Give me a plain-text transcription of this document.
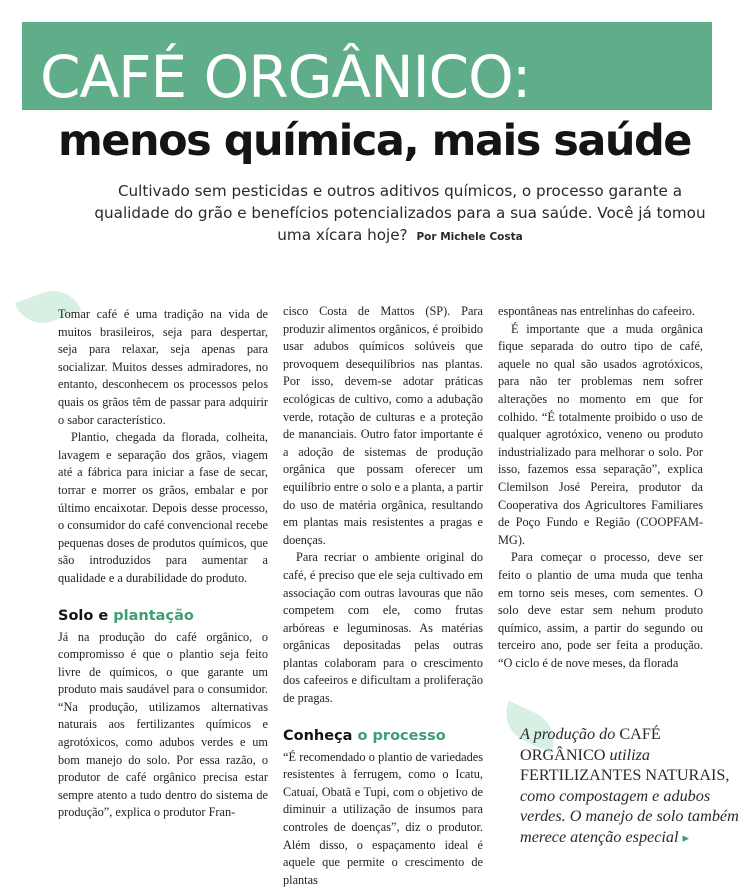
CAFÉ ORGÂNICO:
menos química, mais saúde
Cultivado sem pesticidas e outros aditivos químicos, o processo garante a qualidade do grão e benefícios potencializados para a sua saúde. Você já tomou uma xícara hoje? Por Michele Costa

Tomar café é uma tradição na vida de muitos brasileiros, seja para despertar, seja para relaxar, seja apenas para socializar. Muitos desses admiradores, no entanto, desconhecem os processos pelos quais os grãos têm de passar para adquirir o sabor característico.

Plantio, chegada da florada, colheita, lavagem e separação dos grãos, viagem até a fábrica para iniciar a fase de secar, torrar e morrer os grãos, embalar e por último encaixotar. Depois desse processo, o consumidor do café convencional recebe pequenas doses de produtos químicos, que são introduzidos para aumentar a qualidade e a durabilidade do produto.

Solo e plantação

Já na produção do café orgânico, o compromisso é que o plantio seja feito livre de químicos, o que garante um produto mais saudável para o consumidor. “Na produção, utilizamos alternativas naturais aos fertilizantes químicos e agrotóxicos, como adubos verdes e um bom manejo do solo. Por essa razão, o produtor de café orgânico precisa estar sempre atento a tudo dentro do sistema de produção”, explica o produtor Fran-

cisco Costa de Mattos (SP). Para produzir alimentos orgânicos, é proibido usar adubos químicos solúveis que provoquem desequilíbrios nas plantas. Por isso, devem-se adotar práticas ecológicas de cultivo, como a adubação verde, rotação de culturas e a proteção de mananciais. Outro fator importante é a adoção de sistemas de produção orgânica que possam oferecer um equilíbrio entre o solo e a planta, a partir do uso de matéria orgânica, resultando em plantas mais resistentes a pragas e doenças.

Para recriar o ambiente original do café, é preciso que ele seja cultivado em associação com outras lavouras que não competem com ele, como frutas arbóreas e leguminosas. As matérias orgânicas depositadas pelas outras plantas colaboram para o crescimento dos cafeeiros e dificultam a proliferação de pragas.

Conheça o processo

“É recomendado o plantio de variedades resistentes à ferrugem, como o Icatu, Catuaí, Obatã e Tupi, com o objetivo de diminuir a utilização de insumos para controles de doenças”, diz o produtor. Além disso, o espaçamento ideal é aquele que permite o crescimento de plantas

espontâneas nas entrelinhas do cafeeiro.

É importante que a muda orgânica fique separada do outro tipo de café, aquele no qual são usados agrotóxicos, para não ter problemas nem sofrer alterações no momento em que for colhido. “É totalmente proibido o uso de qualquer agrotóxico, veneno ou produto industrializado para melhorar o solo. Por isso, fazemos essa separação”, explica Clemilson José Pereira, produtor da Cooperativa dos Agricultores Familiares de Poço Fundo e Região (COOPFAM-MG).

Para começar o processo, deve ser feito o plantio de uma muda que tenha em torno seis meses, com sementes. O solo deve estar sem nehum produto químico, assim, a partir do segundo ou terceiro ano, pode ser feita a produção. “O ciclo é de nove meses, da florada

A produção do CAFÉ ORGÂNICO utiliza FERTILIZANTES NATURAIS, como compostagem e adubos verdes. O manejo de solo também merece atenção especial ▸
